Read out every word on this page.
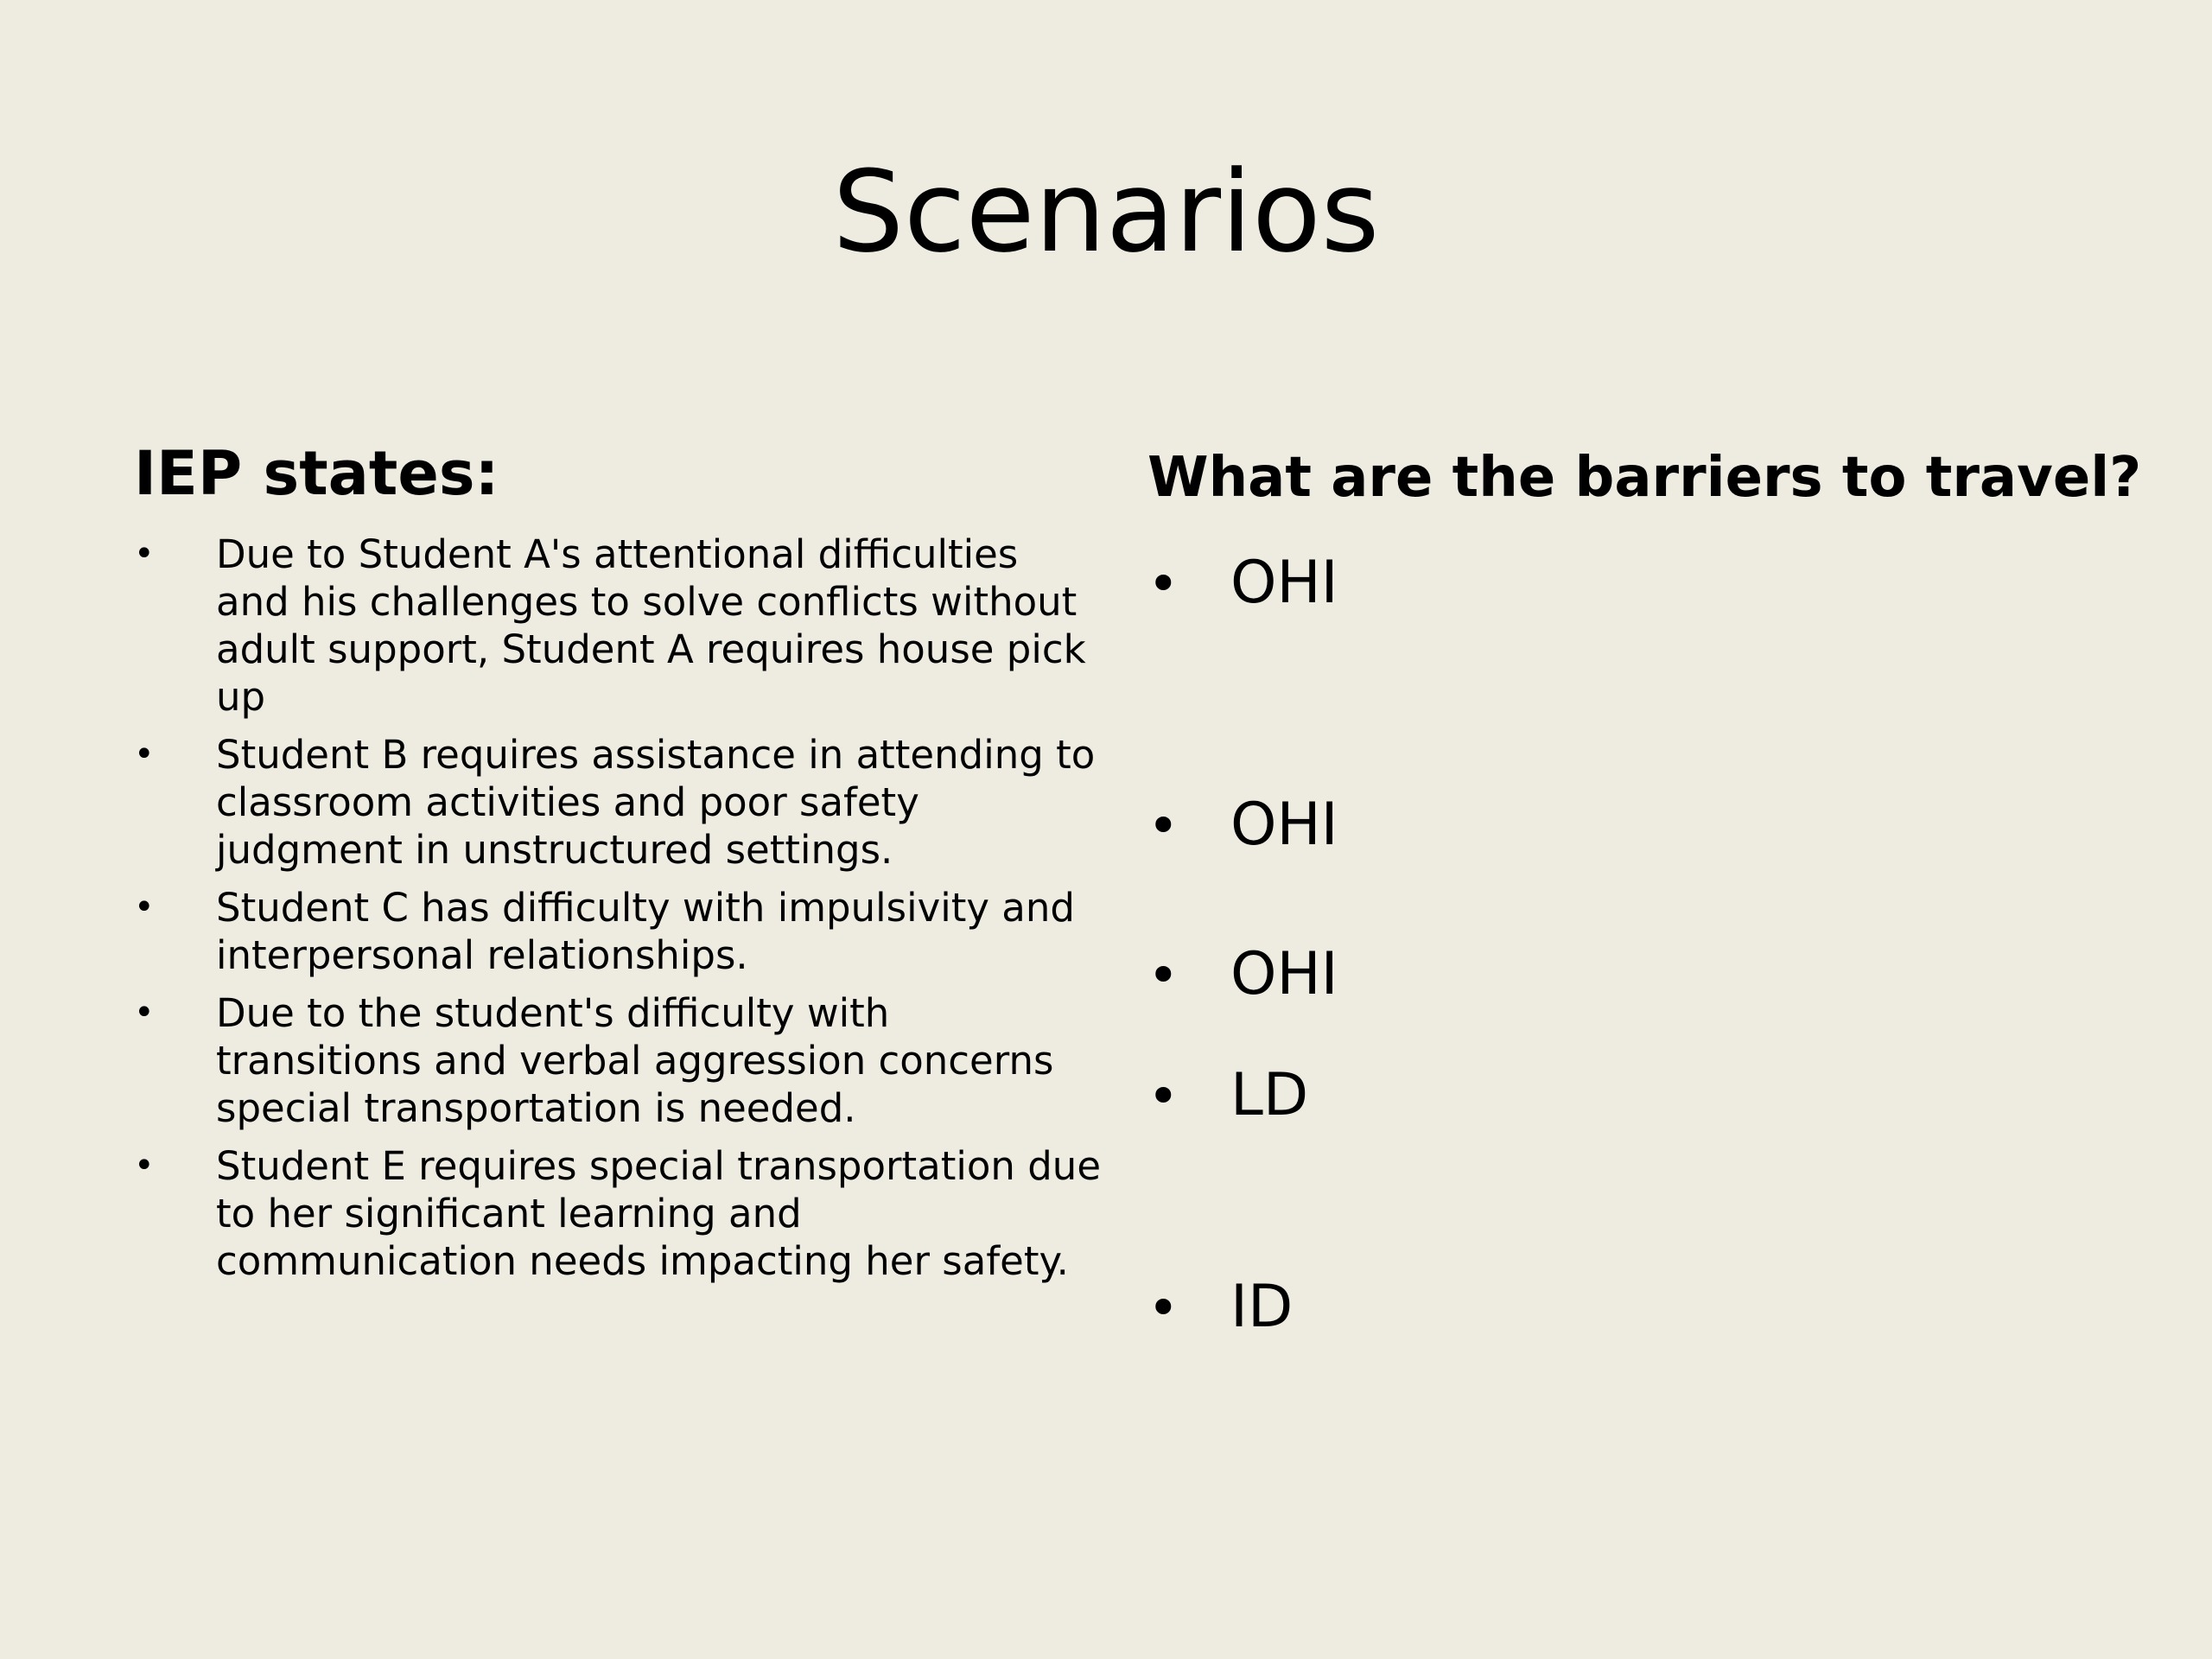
Scenarios
IEP states:
• Due to Student A's attentional difficulties and his challenges to solve conflicts without adult support, Student A requires house pick up
• Student B requires assistance in attending to classroom activities and poor safety judgment in unstructured settings.
• Student C has difficulty with impulsivity and interpersonal relationships.
• Due to the student's difficulty with transitions and verbal aggression concerns special transportation is needed.
• Student E requires special transportation due to her significant learning and communication needs impacting her safety.
What are the barriers to travel?
• OHI
• OHI
• OHI
• LD
• ID
